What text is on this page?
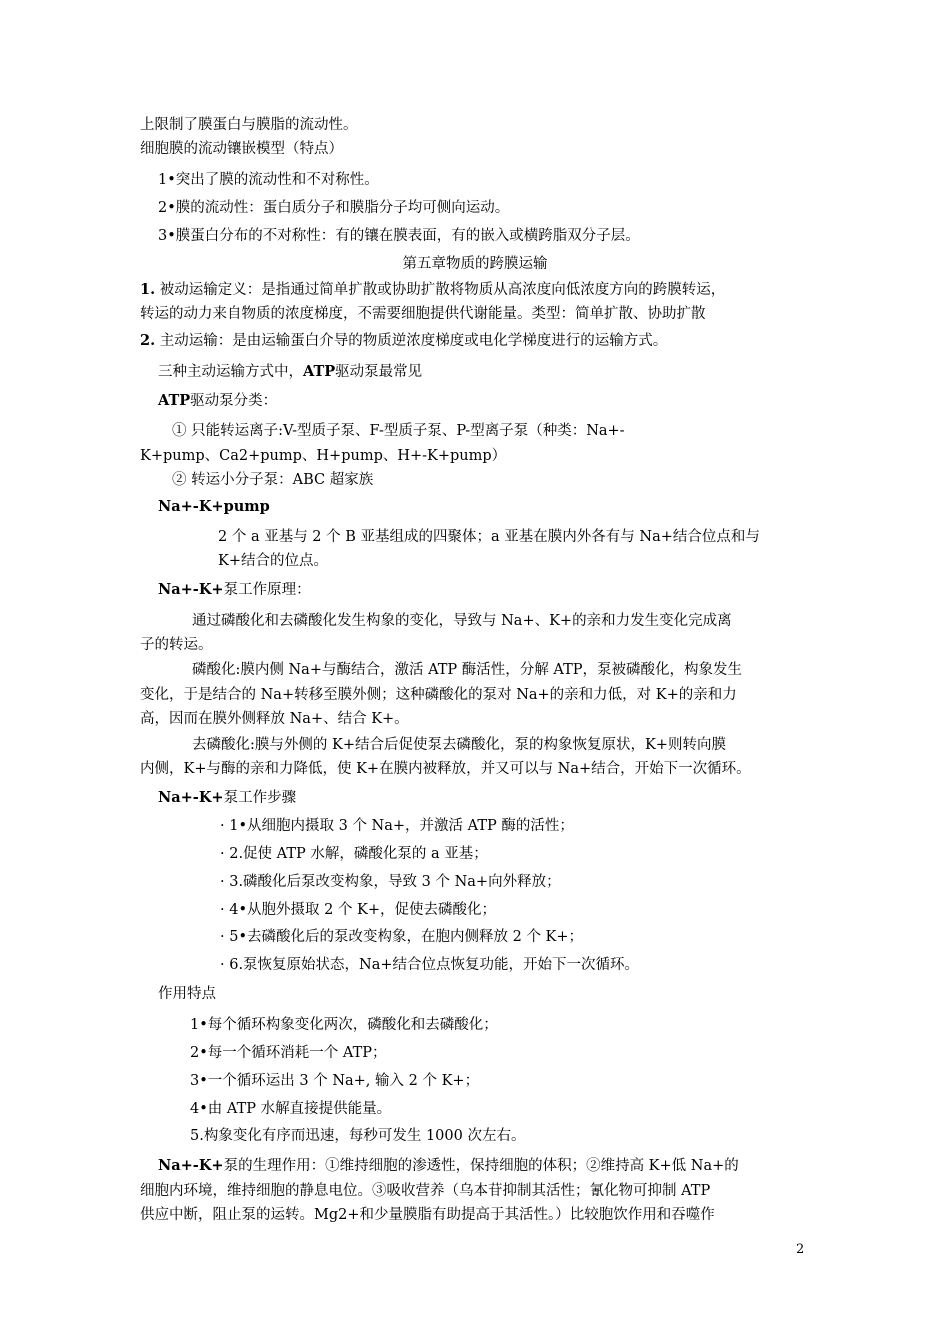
上限制了膜蛋白与膜脂的流动性。
细胞膜的流动镶嵌模型（特点）
1•突出了膜的流动性和不对称性。
2•膜的流动性：蛋白质分子和膜脂分子均可侧向运动。
3•膜蛋白分布的不对称性：有的镶在膜表面，有的嵌入或横跨脂双分子层。
第五章物质的跨膜运输
1. 被动运输定义：是指通过简单扩散或协助扩散将物质从高浓度向低浓度方向的跨膜转运，
转运的动力来自物质的浓度梯度，不需要细胞提供代谢能量。类型：简单扩散、协助扩散
2. 主动运输：是由运输蛋白介导的物质逆浓度梯度或电化学梯度进行的运输方式。
三种主动运输方式中，ATP驱动泵最常见
ATP驱动泵分类：
① 只能转运离子:V-型质子泵、F-型质子泵、P-型离子泵（种类：Na+-
K+pump、Ca2+pump、H+pump、H+-K+pump）
② 转运小分子泵：ABC 超家族
Na+-K+pump
2 个 a 亚基与 2 个 B 亚基组成的四聚体；a 亚基在膜内外各有与 Na+结合位点和与
K+结合的位点。
Na+-K+泵工作原理：
通过磷酸化和去磷酸化发生构象的变化，导致与 Na+、K+的亲和力发生变化完成离
子的转运。
磷酸化:膜内侧 Na+与酶结合，激活 ATP 酶活性，分解 ATP，泵被磷酸化，构象发生
变化，于是结合的 Na+转移至膜外侧；这种磷酸化的泵对 Na+的亲和力低，对 K+的亲和力
高，因而在膜外侧释放 Na+、结合 K+。
去磷酸化:膜与外侧的 K+结合后促使泵去磷酸化，泵的构象恢复原状，K+则转向膜
内侧，K+与酶的亲和力降低，使 K+在膜内被释放，并又可以与 Na+结合，开始下一次循环。
Na+-K+泵工作步骤
· 1•从细胞内摄取 3 个 Na+，并激活 ATP 酶的活性；
· 2.促使 ATP 水解，磷酸化泵的 a 亚基；
· 3.磷酸化后泵改变构象，导致 3 个 Na+向外释放；
· 4•从胞外摄取 2 个 K+，促使去磷酸化；
· 5•去磷酸化后的泵改变构象，在胞内侧释放 2 个 K+；
· 6.泵恢复原始状态，Na+结合位点恢复功能，开始下一次循环。
作用特点
1•每个循环构象变化两次，磷酸化和去磷酸化；
2•每一个循环消耗一个 ATP；
3•一个循环运出 3 个 Na+, 输入 2 个 K+；
4•由 ATP 水解直接提供能量。
5.构象变化有序而迅速，每秒可发生 1000 次左右。
Na+-K+泵的生理作用：①维持细胞的渗透性，保持细胞的体积；②维持高 K+低 Na+的
细胞内环境，维持细胞的静息电位。③吸收营养（乌本苷抑制其活性；氰化物可抑制 ATP
供应中断，阻止泵的运转。Mg2+和少量膜脂有助提高于其活性。）比较胞饮作用和吞噬作
2
